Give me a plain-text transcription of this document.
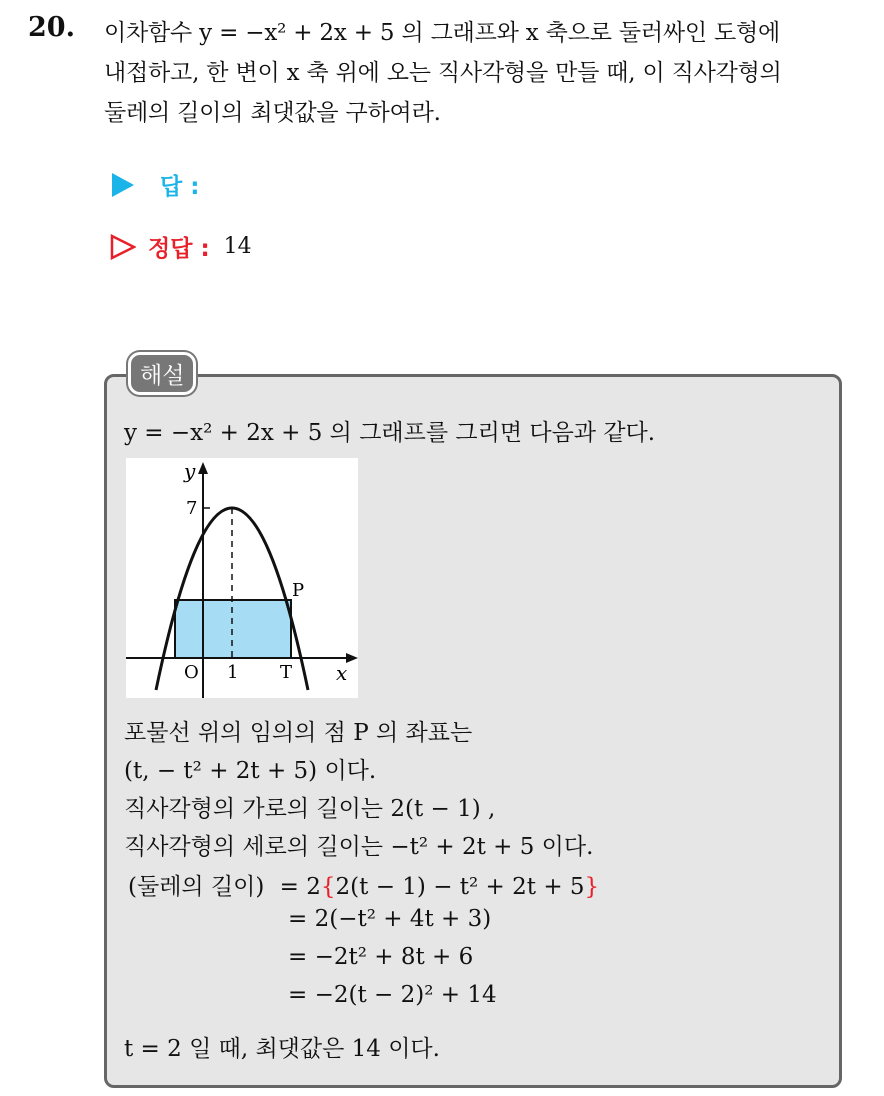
20. 이차함수 y = −x² + 2x + 5 의 그래프와 x 축으로 둘러싸인 도형에
내접하고, 한 변이 x 축 위에 오는 직사각형을 만들 때, 이 직사각형의
둘레의 길이의 최댓값을 구하여라.
답 :
정답 : 14
해설
y = −x² + 2x + 5 의 그래프를 그리면 다음과 같다.
y
x
7
O 1 T
P
포물선 위의 임의의 점 P 의 좌표는
(t, − t² + 2t + 5) 이다.
직사각형의 가로의 길이는 2(t − 1) ,
직사각형의 세로의 길이는 −t² + 2t + 5 이다.
(둘레의 길이) = 2{2(t − 1) − t² + 2t + 5}
= 2(−t² + 4t + 3)
= −2t² + 8t + 6
= −2(t − 2)² + 14
t = 2 일 때, 최댓값은 14 이다.
